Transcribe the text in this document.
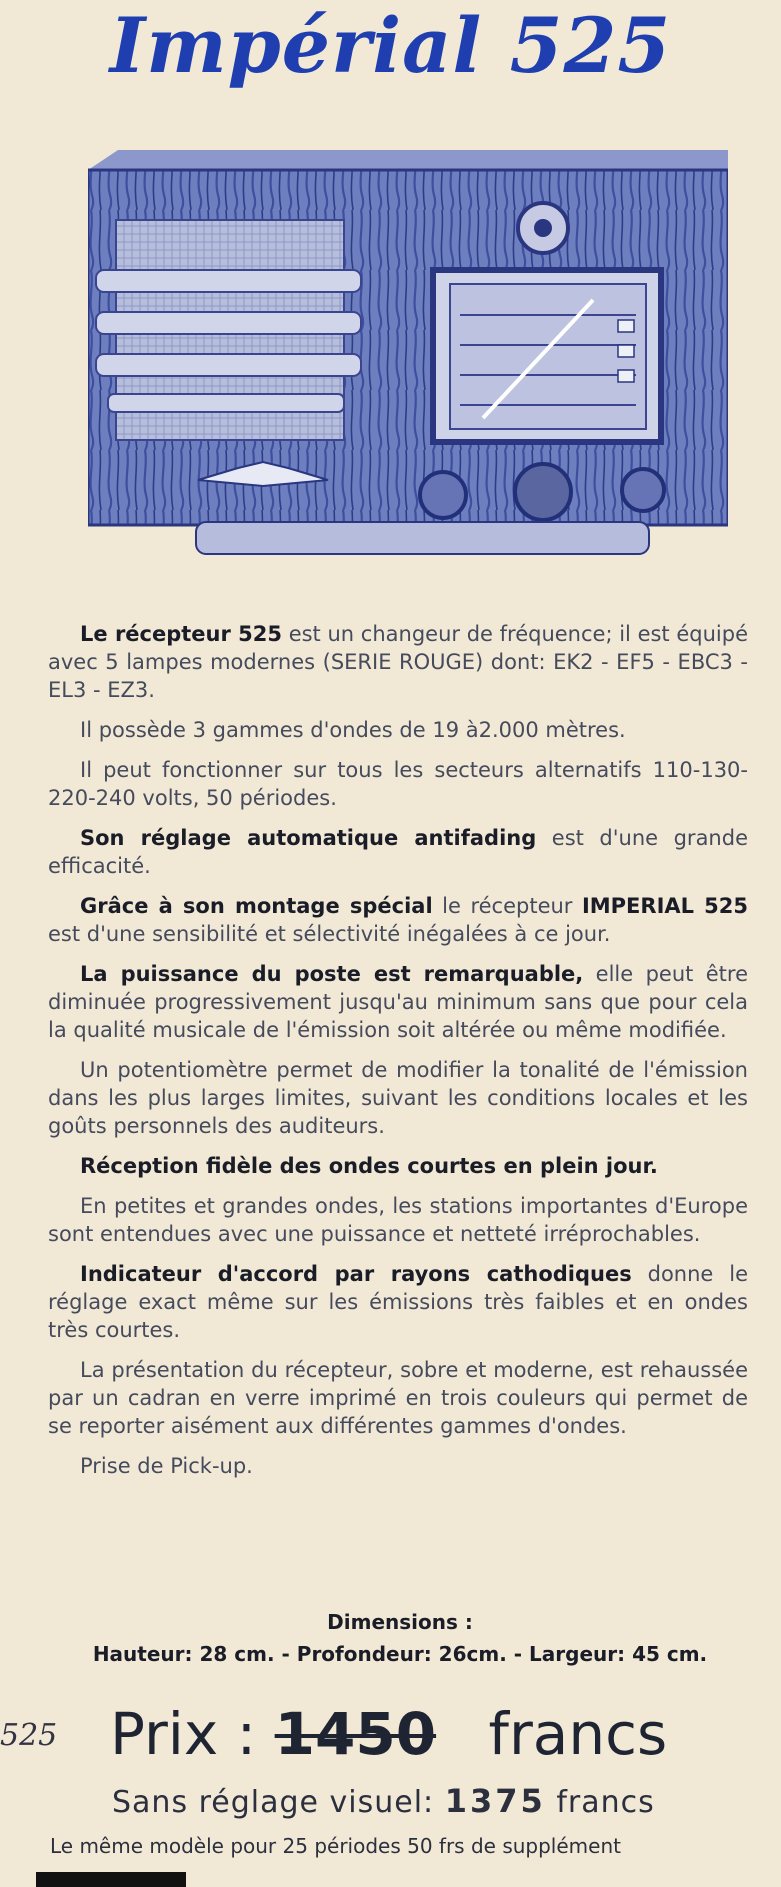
Impérial 525

Le récepteur 525 est un changeur de fréquence; il est équipé avec 5 lampes modernes (SERIE ROUGE) dont: EK2 - EF5 - EBC3 - EL3 - EZ3.

Il possède 3 gammes d'ondes de 19 à2.000 mètres.

Il peut fonctionner sur tous les secteurs alternatifs 110-130-220-240 volts, 50 périodes.

Son réglage automatique antifading est d'une grande efficacité.

Grâce à son montage spécial le récepteur IMPERIAL 525 est d'une sensibilité et sélectivité inégalées à ce jour.

La puissance du poste est remarquable, elle peut être diminuée progressivement jusqu'au minimum sans que pour cela la qualité musicale de l'émission soit altérée ou même modifiée.

Un potentiomètre permet de modifier la tonalité de l'émission dans les plus larges limites, suivant les conditions locales et les goûts personnels des auditeurs.

Réception fidèle des ondes courtes en plein jour.

En petites et grandes ondes, les stations importantes d'Europe sont entendues avec une puissance et netteté irréprochables.

Indicateur d'accord par rayons cathodiques donne le réglage exact même sur les émissions très faibles et en ondes très courtes.

La présentation du récepteur, sobre et moderne, est rehaussée par un cadran en verre imprimé en trois couleurs qui permet de se reporter aisément aux différentes gammes d'ondes.

Prise de Pick-up.

Dimensions :
Hauteur: 28 cm. - Profondeur: 26cm. - Largeur: 45 cm.
525 Prix : 1450 francs
Sans réglage visuel: 1375 francs
Le même modèle pour 25 périodes 50 frs de supplément
